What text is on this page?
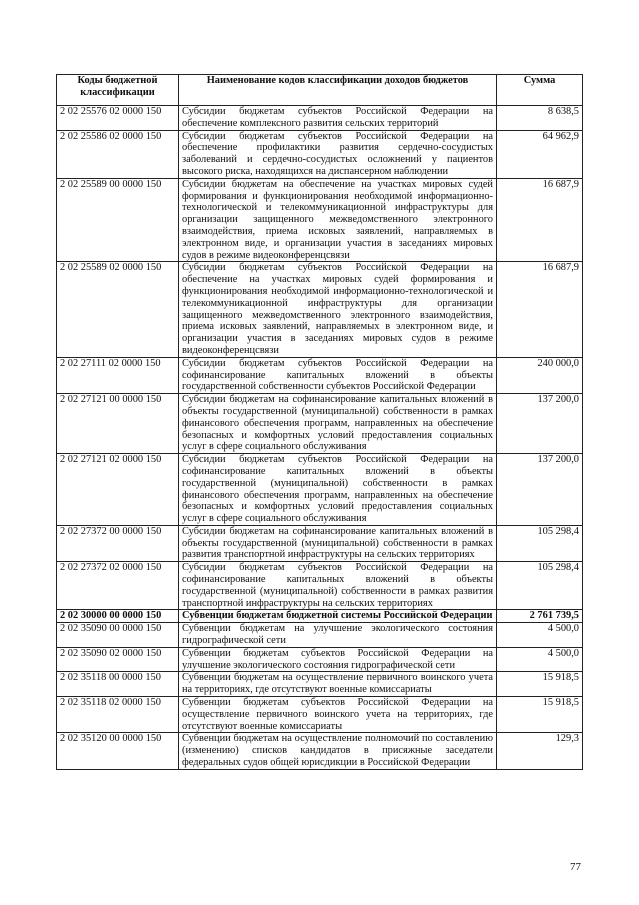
Коды бюджетной классификации	Наименование кодов классификации доходов бюджетов	Сумма
2 02 25576 02 0000 150	Субсидии бюджетам субъектов Российской Федерации на обеспечение комплексного развития сельских территорий	8 638,5
2 02 25586 02 0000 150	Субсидии бюджетам субъектов Российской Федерации на обеспечение профилактики развития сердечно-сосудистых заболеваний и сердечно-сосудистых осложнений у пациентов высокого риска, находящихся на диспансерном наблюдении	64 962,9
2 02 25589 00 0000 150	Субсидии бюджетам на обеспечение на участках мировых судей формирования и функционирования необходимой информационно-технологической и телекоммуникационной инфраструктуры для организации защищенного межведомственного электронного взаимодействия, приема исковых заявлений, направляемых в электронном виде, и организации участия в заседаниях мировых судов в режиме видеоконференцсвязи	16 687,9
2 02 25589 02 0000 150	Субсидии бюджетам субъектов Российской Федерации на обеспечение на участках мировых судей формирования и функционирования необходимой информационно-технологической и телекоммуникационной инфраструктуры для организации защищенного межведомственного электронного взаимодействия, приема исковых заявлений, направляемых в электронном виде, и организации участия в заседаниях мировых судов в режиме видеоконференцсвязи	16 687,9
2 02 27111 02 0000 150	Субсидии бюджетам субъектов Российской Федерации на софинансирование капитальных вложений в объекты государственной собственности субъектов Российской Федерации	240 000,0
2 02 27121 00 0000 150	Субсидии бюджетам на софинансирование капитальных вложений в объекты государственной (муниципальной) собственности в рамках финансового обеспечения программ, направленных на обеспечение безопасных и комфортных условий предоставления социальных услуг в сфере социального обслуживания	137 200,0
2 02 27121 02 0000 150	Субсидии бюджетам субъектов Российской Федерации на софинансирование капитальных вложений в объекты государственной (муниципальной) собственности в рамках финансового обеспечения программ, направленных на обеспечение безопасных и комфортных условий предоставления социальных услуг в сфере социального обслуживания	137 200,0
2 02 27372 00 0000 150	Субсидии бюджетам на софинансирование капитальных вложений в объекты государственной (муниципальной) собственности в рамках развития транспортной инфраструктуры на сельских территориях	105 298,4
2 02 27372 02 0000 150	Субсидии бюджетам субъектов Российской Федерации на софинансирование капитальных вложений в объекты государственной (муниципальной) собственности в рамках развития транспортной инфраструктуры на сельских территориях	105 298,4
2 02 30000 00 0000 150	Субвенции бюджетам бюджетной системы Российской Федерации	2 761 739,5
2 02 35090 00 0000 150	Субвенции бюджетам на улучшение экологического состояния гидрографической сети	4 500,0
2 02 35090 02 0000 150	Субвенции бюджетам субъектов Российской Федерации на улучшение экологического состояния гидрографической сети	4 500,0
2 02 35118 00 0000 150	Субвенции бюджетам на осуществление первичного воинского учета на территориях, где отсутствуют военные комиссариаты	15 918,5
2 02 35118 02 0000 150	Субвенции бюджетам субъектов Российской Федерации на осуществление первичного воинского учета на территориях, где отсутствуют военные комиссариаты	15 918,5
2 02 35120 00 0000 150	Субвенции бюджетам на осуществление полномочий по составлению (изменению) списков кандидатов в присяжные заседатели федеральных судов общей юрисдикции в Российской Федерации	129,3
77
